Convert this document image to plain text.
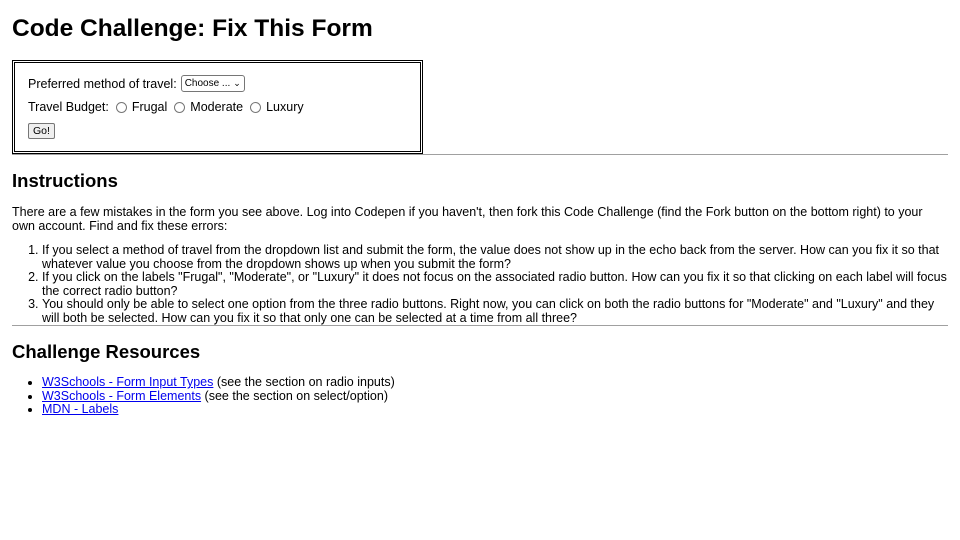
Code Challenge: Fix This Form
Preferred method of travel: Choose ... ⌄
Travel Budget: Frugal Moderate Luxury
Go!
Instructions

There are a few mistakes in the form you see above. Log into Codepen if you haven't, then fork this Code Challenge (find the Fork button on the bottom right) to your own account. Find and fix these errors:

1. If you select a method of travel from the dropdown list and submit the form, the value does not show up in the echo back from the server. How can you fix it so that whatever value you choose from the dropdown shows up when you submit the form?
2. If you click on the labels "Frugal", "Moderate", or "Luxury" it does not focus on the associated radio button. How can you fix it so that clicking on each label will focus the correct radio button?
3. You should only be able to select one option from the three radio buttons. Right now, you can click on both the radio buttons for "Moderate" and "Luxury" and they will both be selected. How can you fix it so that only one can be selected at a time from all three?
Challenge Resources
• W3Schools - Form Input Types (see the section on radio inputs)
• W3Schools - Form Elements (see the section on select/option)
• MDN - Labels
